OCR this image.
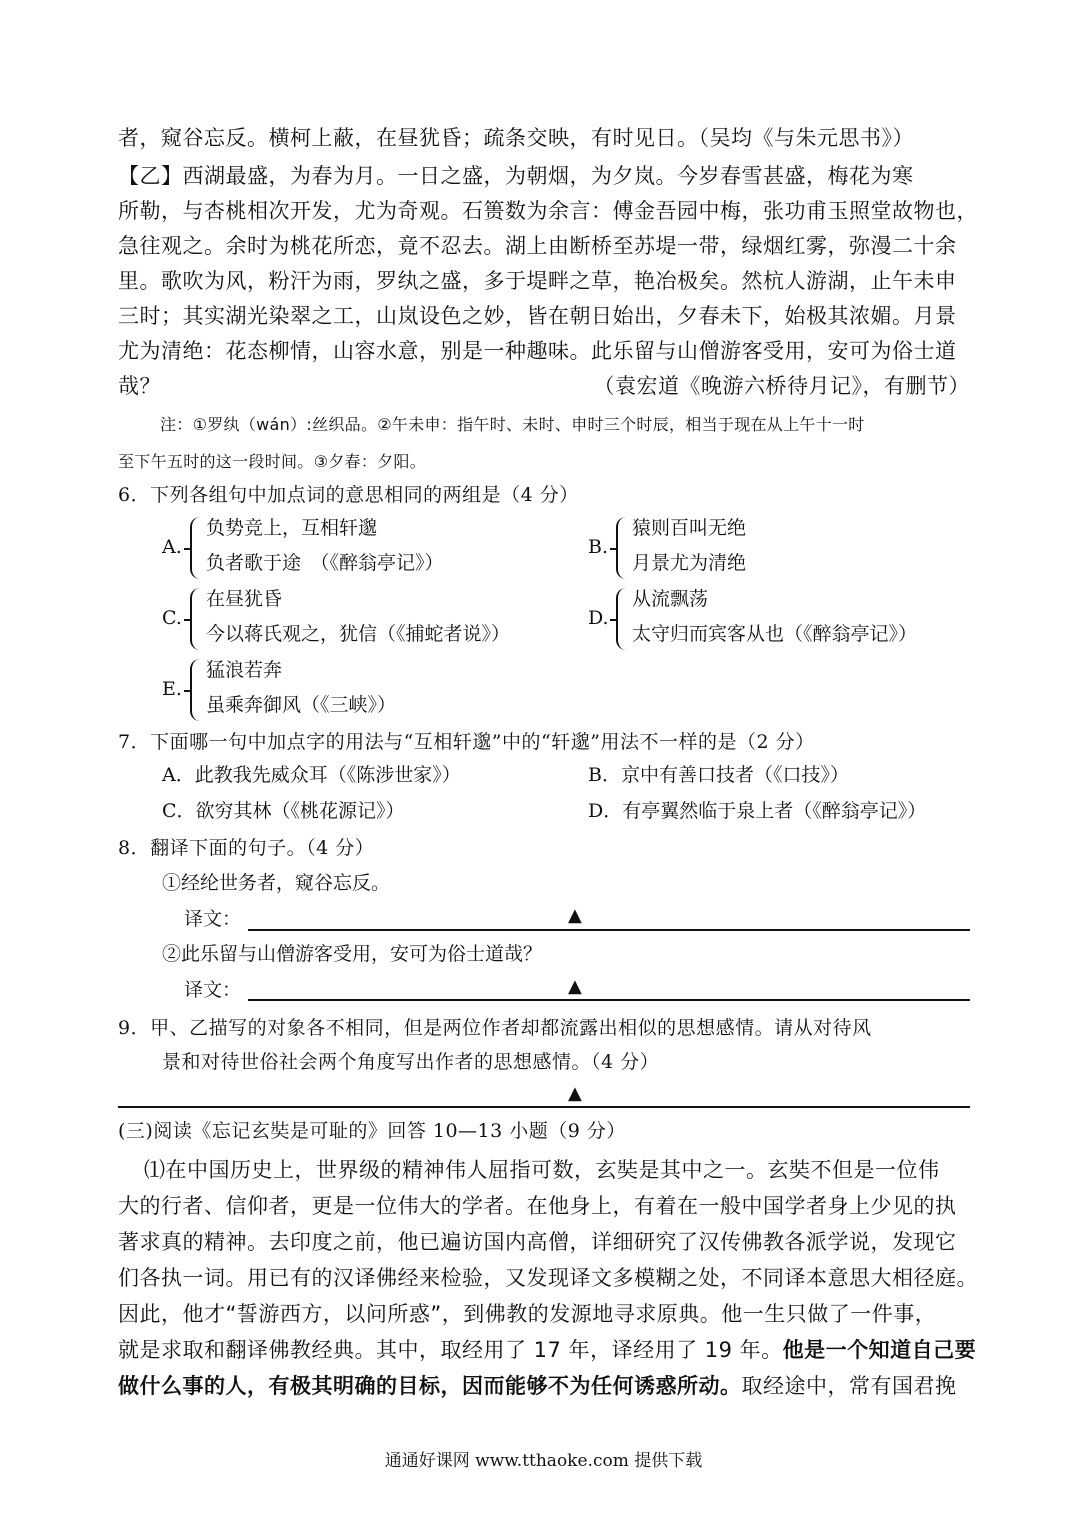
者，窥谷忘反。横柯上蔽，在昼犹昏；疏条交映，有时见日。（吴均《与朱元思书》）
【乙】西湖最盛，为春为月。一日之盛，为朝烟，为夕岚。今岁春雪甚盛，梅花为寒
所勒，与杏桃相次开发，尤为奇观。石篑数为余言：傅金吾园中梅，张功甫玉照堂故物也，
急往观之。余时为桃花所恋，竟不忍去。湖上由断桥至苏堤一带，绿烟红雾，弥漫二十余
里。歌吹为风，粉汗为雨，罗纨之盛，多于堤畔之草，艳冶极矣。然杭人游湖，止午未申
三时；其实湖光染翠之工，山岚设色之妙，皆在朝日始出，夕春未下，始极其浓媚。月景
尤为清绝：花态柳情，山容水意，别是一种趣味。此乐留与山僧游客受用，安可为俗士道
哉？	（袁宏道《晚游六桥待月记》，有删节）
注：①罗纨（wán）:丝织品。②午未申：指午时、未时、申时三个时辰，相当于现在从上午十一时
至下午五时的这一段时间。③夕春：夕阳。
6．下列各组句中加点词的意思相同的两组是（4 分）
A.
负势竞上，互相轩邈
负者歌于途　（《醉翁亭记》）
B.
猿则百叫无绝
月景尤为清绝
C.
在昼犹昏
今以蒋氏观之，犹信（《捕蛇者说》）
D.
从流飘荡
太守归而宾客从也（《醉翁亭记》）
E.
猛浪若奔
虽乘奔御风（《三峡》）
7．下面哪一句中加点字的用法与“互相轩邈”中的“轩邈”用法不一样的是（2 分）
A．此教我先威众耳（《陈涉世家》）	B．京中有善口技者（《口技》）
C．欲穷其林（《桃花源记》）	D．有亭翼然临于泉上者（《醉翁亭记》）
8．翻译下面的句子。（4 分）
①经纶世务者，窥谷忘反。
译文：	▲
②此乐留与山僧游客受用，安可为俗士道哉？
译文：	▲
9．甲、乙描写的对象各不相同，但是两位作者却都流露出相似的思想感情。请从对待风
景和对待世俗社会两个角度写出作者的思想感情。（4 分）
▲
(三)阅读《忘记玄奘是可耻的》回答 10—13 小题（9 分）
⑴在中国历史上，世界级的精神伟人屈指可数，玄奘是其中之一。玄奘不但是一位伟
大的行者、信仰者，更是一位伟大的学者。在他身上，有着在一般中国学者身上少见的执
著求真的精神。去印度之前，他已遍访国内高僧，详细研究了汉传佛教各派学说，发现它
们各执一词。用已有的汉译佛经来检验，又发现译文多模糊之处，不同译本意思大相径庭。
因此，他才“誓游西方，以问所惑”，到佛教的发源地寻求原典。他一生只做了一件事，
就是求取和翻译佛教经典。其中，取经用了 17 年，译经用了 19 年。他是一个知道自己要
做什么事的人，有极其明确的目标，因而能够不为任何诱惑所动。取经途中，常有国君挽
通通好课网 www.tthaoke.com 提供下载
